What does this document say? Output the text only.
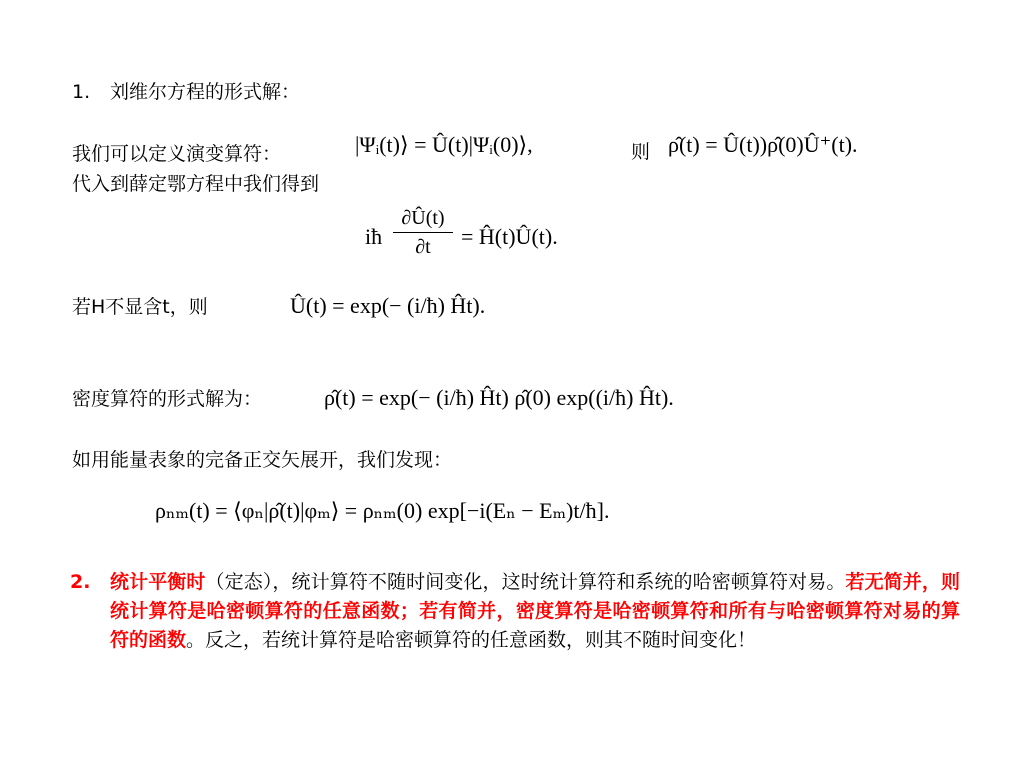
1. 刘维尔方程的形式解：
我们可以定义演变算符：	|Ψᵢ(t)⟩ = Û(t)|Ψᵢ(0)⟩,	则 ρ̂(t) = Û(t))ρ̂(0)Û⁺(t).
代入到薛定鄂方程中我们得到
iħ
∂Û(t)
∂t	= Ĥ(t)Û(t).
若H不显含t，则	Û(t) = exp(− (i/ħ) Ĥt).
密度算符的形式解为：	ρ̂(t) = exp(− (i/ħ) Ĥt) ρ̂(0) exp((i/ħ) Ĥt).
如用能量表象的完备正交矢展开，我们发现：
ρₙₘ(t) = ⟨φₙ|ρ̂(t)|φₘ⟩ = ρₙₘ(0) exp[−i(Eₙ − Eₘ)t/ħ].
2. 统计平衡时（定态），统计算符不随时间变化，这时统计算符和系统的哈密顿算符对易。若无简并，则统计算符是哈密顿算符的任意函数；若有简并，密度算符是哈密顿算符和所有与哈密顿算符对易的算符的函数。反之，若统计算符是哈密顿算符的任意函数，则其不随时间变化！
